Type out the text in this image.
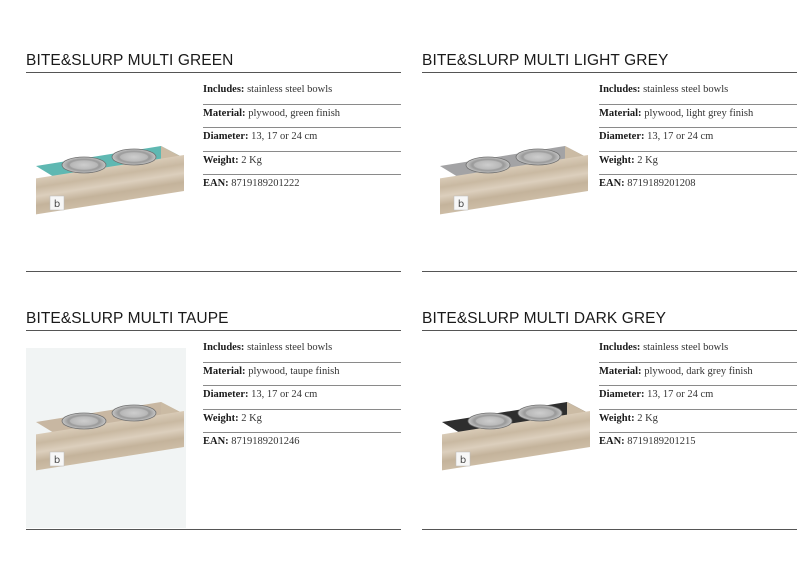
BITE&SLURP MULTI GREEN
b
Includes: stainless steel bowls
Material: plywood, green finish
Diameter: 13, 17 or 24 cm
Weight: 2 Kg
EAN: 8719189201222
BITE&SLURP MULTI LIGHT GREY
b
Includes: stainless steel bowls
Material: plywood, light grey finish
Diameter: 13, 17 or 24 cm
Weight: 2 Kg
EAN: 8719189201208
BITE&SLURP MULTI TAUPE
b
Includes: stainless steel bowls
Material: plywood, taupe finish
Diameter: 13, 17 or 24 cm
Weight: 2 Kg
EAN: 8719189201246
BITE&SLURP MULTI DARK GREY
b
Includes: stainless steel bowls
Material: plywood, dark grey finish
Diameter: 13, 17 or 24 cm
Weight: 2 Kg
EAN: 8719189201215
